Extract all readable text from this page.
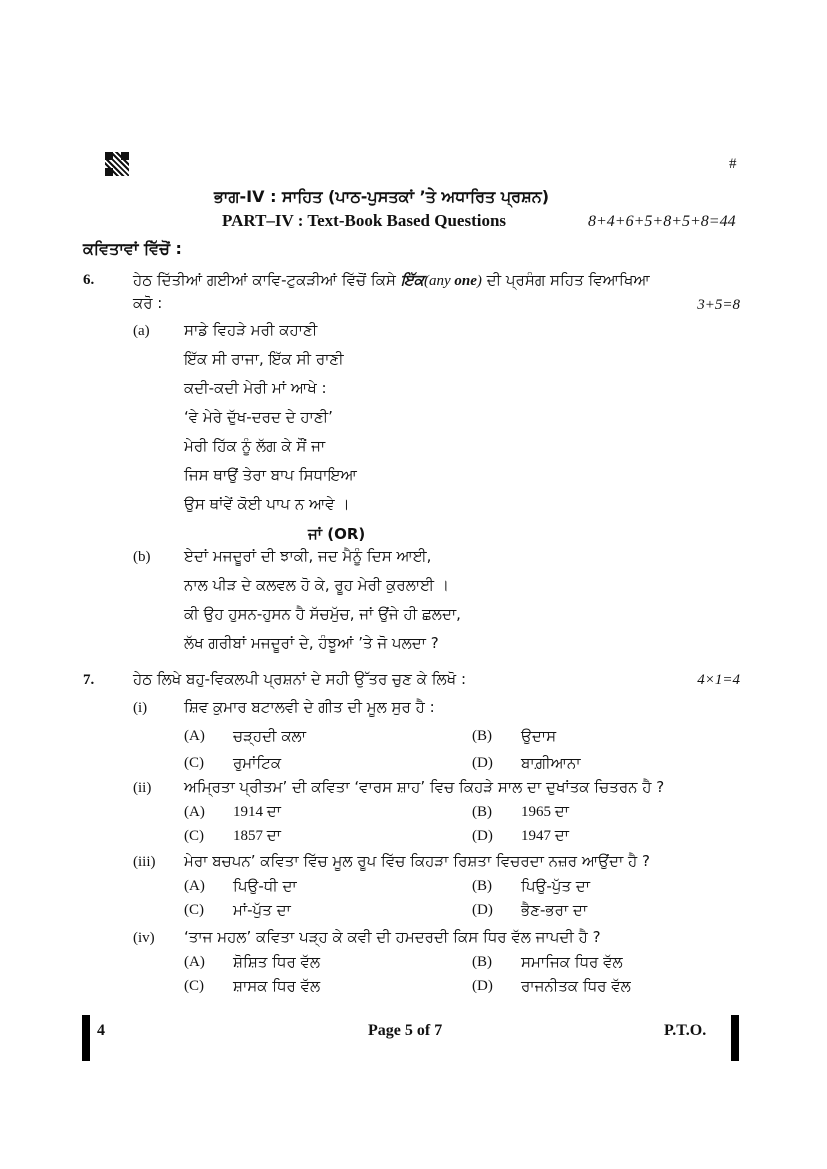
#
ਭਾਗ-IV : ਸਾਹਿਤ (ਪਾਠ-ਪੁਸਤਕਾਂ ’ਤੇ ਅਧਾਰਿਤ ਪ੍ਰਸ਼ਨ)
PART–IV : Text-Book Based Questions	8+4+6+5+8+5+8=44
ਕਵਿਤਾਵਾਂ ਵਿੱਚੋਂ :
6.	ਹੇਠ ਦਿੱਤੀਆਂ ਗਈਆਂ ਕਾਵਿ-ਟੁਕੜੀਆਂ ਵਿੱਚੋਂ ਕਿਸੇ ਇੱਕ(any one) ਦੀ ਪ੍ਰਸੰਗ ਸਹਿਤ ਵਿਆਖਿਆ
ਕਰੋ :	3+5=8
(a) ਸਾਡੇ ਵਿਹੜੇ ਮਰੀ ਕਹਾਣੀ
ਇੱਕ ਸੀ ਰਾਜਾ, ਇੱਕ ਸੀ ਰਾਣੀ
ਕਦੀ-ਕਦੀ ਮੇਰੀ ਮਾਂ ਆਖੇ :
‘ਵੇ ਮੇਰੇ ਦੁੱਖ-ਦਰਦ ਦੇ ਹਾਣੀ’
ਮੇਰੀ ਹਿੱਕ ਨੂੰ ਲੱਗ ਕੇ ਸੌਂ ਜਾ
ਜਿਸ ਥਾਉਂ ਤੇਰਾ ਬਾਪ ਸਿਧਾਇਆ
ਉਸ ਥਾਂਵੇਂ ਕੋਈ ਪਾਪ ਨ ਆਵੇ ।
ਜਾਂ (OR)
(b) ਏਦਾਂ ਮਜਦੂਰਾਂ ਦੀ ਝਾਕੀ, ਜਦ ਮੈਨੂੰ ਦਿਸ ਆਈ,
ਨਾਲ ਪੀੜ ਦੇ ਕਲਵਲ ਹੋ ਕੇ, ਰੂਹ ਮੇਰੀ ਕੁਰਲਾਈ ।
ਕੀ ਉਹ ਹੁਸਨ-ਹੁਸਨ ਹੈ ਸੱਚਮੁੱਚ, ਜਾਂ ਉਂਜੇ ਹੀ ਛਲਦਾ,
ਲੱਖ ਗਰੀਬਾਂ ਮਜਦੂਰਾਂ ਦੇ, ਹੰਝੂਆਂ ’ਤੇ ਜੋ ਪਲਦਾ ?
7.	ਹੇਠ ਲਿਖੇ ਬਹੁ-ਵਿਕਲਪੀ ਪ੍ਰਸ਼ਨਾਂ ਦੇ ਸਹੀ ਉੱਤਰ ਚੁਣ ਕੇ ਲਿਖੋ :	4×1=4
(i) ਸ਼ਿਵ ਕੁਮਾਰ ਬਟਾਲਵੀ ਦੇ ਗੀਤ ਦੀ ਮੂਲ ਸੁਰ ਹੈ :
(A) ਚੜ੍ਹਦੀ ਕਲਾ	(B) ਉਦਾਸ
(C) ਰੁਮਾਂਟਿਕ	(D) ਬਾਗ਼ੀਆਨਾ
(ii) ਅਮ੍ਰਿਤਾ ਪ੍ਰੀਤਮ’ ਦੀ ਕਵਿਤਾ ‘ਵਾਰਸ ਸ਼ਾਹ’ ਵਿਚ ਕਿਹੜੇ ਸਾਲ ਦਾ ਦੁਖਾਂਤਕ ਚਿਤਰਨ ਹੈ ?
(A) 1914 ਦਾ	(B) 1965 ਦਾ
(C) 1857 ਦਾ	(D) 1947 ਦਾ
(iii) ਮੇਰਾ ਬਚਪਨ’ ਕਵਿਤਾ ਵਿੱਚ ਮੂਲ ਰੂਪ ਵਿੱਚ ਕਿਹੜਾ ਰਿਸ਼ਤਾ ਵਿਚਰਦਾ ਨਜ਼ਰ ਆਉਂਦਾ ਹੈ ?
(A) ਪਿਉ-ਧੀ ਦਾ	(B) ਪਿਉ-ਪੁੱਤ ਦਾ
(C) ਮਾਂ-ਪੁੱਤ ਦਾ	(D) ਭੈਣ-ਭਰਾ ਦਾ
(iv) ‘ਤਾਜ ਮਹਲ’ ਕਵਿਤਾ ਪੜ੍ਹ ਕੇ ਕਵੀ ਦੀ ਹਮਦਰਦੀ ਕਿਸ ਧਿਰ ਵੱਲ ਜਾਪਦੀ ਹੈ ?
(A) ਸ਼ੋਸ਼ਿਤ ਧਿਰ ਵੱਲ	(B) ਸਮਾਜਿਕ ਧਿਰ ਵੱਲ
(C) ਸ਼ਾਸਕ ਧਿਰ ਵੱਲ	(D) ਰਾਜਨੀਤਕ ਧਿਰ ਵੱਲ
4	Page 5 of 7	P.T.O.
